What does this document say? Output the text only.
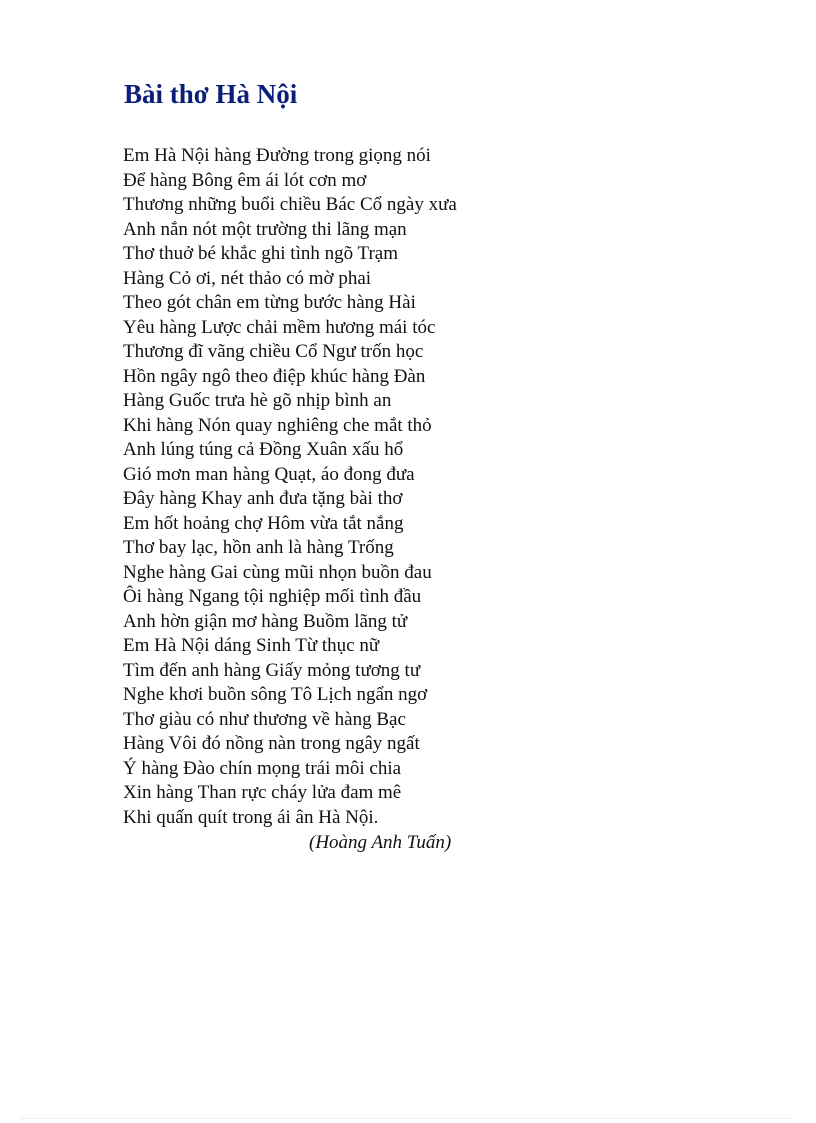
Bài thơ Hà Nội
Em Hà Nội hàng Đường trong giọng nói
Để hàng Bông êm ái lót cơn mơ
Thương những buổi chiều Bác Cổ ngày xưa
Anh nắn nót một trường thi lãng mạn
Thơ thuở bé khắc ghi tình ngõ Trạm
Hàng Cỏ ơi, nét thảo có mờ phai
Theo gót chân em từng bước hàng Hài
Yêu hàng Lược chải mềm hương mái tóc
Thương đĩ vãng chiều Cổ Ngư trốn học
Hồn ngây ngô theo điệp khúc hàng Đàn
Hàng Guốc trưa hè gõ nhịp bình an
Khi hàng Nón quay nghiêng che mắt thỏ
Anh lúng túng cả Đồng Xuân xấu hổ
Gió mơn man hàng Quạt, áo đong đưa
Đây hàng Khay anh đưa tặng bài thơ
Em hốt hoảng chợ Hôm vừa tắt nắng
Thơ bay lạc, hồn anh là hàng Trống
Nghe hàng Gai cùng mũi nhọn buồn đau
Ôi hàng Ngang tội nghiệp mối tình đầu
Anh hờn giận mơ hàng Buồm lãng tử
Em Hà Nội dáng Sinh Từ thục nữ
Tìm đến anh hàng Giấy mỏng tương tư
Nghe khơi buồn sông Tô Lịch ngẩn ngơ
Thơ giàu có như thương về hàng Bạc
Hàng Vôi đó nồng nàn trong ngây ngất
Ý hàng Đào chín mọng trái môi chia
Xin hàng Than rực cháy lửa đam mê
Khi quấn quít trong ái ân Hà Nội.

(Hoàng Anh Tuấn)
